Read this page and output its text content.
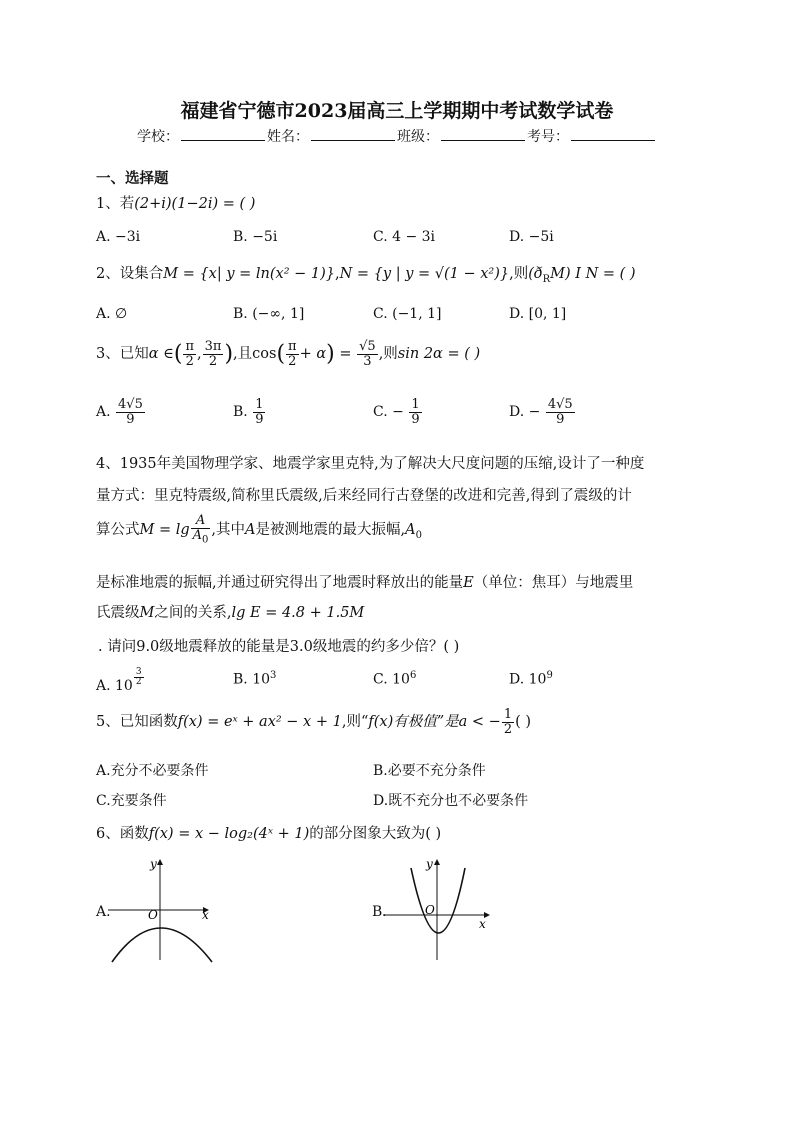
福建省宁德市2023届高三上学期期中考试数学试卷
学校：	姓名：	班级：	考号：
一、选择题
1、若(2+i)(1−2i) = ( )
A. −3i	B. −5i	C. 4 − 3i	D. −5i
2、设集合M = {x| y = ln(x² − 1)},N = {y | y = √(1 − x²)},则$(ð_RM)$ I N = ( )
A. ∅	B. (−∞, 1]	C. (−1, 1]	D. [0, 1]
3、已知α ∈( $\frac{\pi}{2}$ , $\frac{3\pi}{2}$ ),且$\cos( \frac{\pi}{2} + \alpha) = \frac{√5}{3}$ ,则sin 2α = ( )
A. $\frac{4√5}{9}$	B. $\frac{1}{9}$	C. − $\frac{1}{9}$	D. − $\frac{4√5}{9}$
4、1935年美国物理学家、地震学家里克特,为了解决大尺度问题的压缩,设计了一种度
量方式：里克特震级,简称里氏震级,后来经同行古登堡的改进和完善,得到了震级的计
算公式$M = \lg \frac{A}{A_0}$ ,其中A是被测地震的最大振幅$,A_0$
是标准地震的振幅,并通过研究得出了地震时释放出的能量E（单位：焦耳）与地震里
氏震级M之间的关系,lg E = 4.8 + 1.5M
. 请问9.0级地震释放的能量是3.0级地震的约多少倍？( )
A. $10 \frac{3}{2}$	B. $10^3$	C. $10^6$	D. $10^9$
5、已知函数f(x) = eˣ + ax² − x + 1,则“f(x)有极值”是a < − $\frac{1}{2}$ ( )
A.充分不必要条件	B.必要不充分条件
C.充要条件	D.既不充分也不必要条件
6、函数f(x) = x − log₂(4ˣ + 1)的部分图象大致为( )
A.
y
O	x	B.
y
O
x
